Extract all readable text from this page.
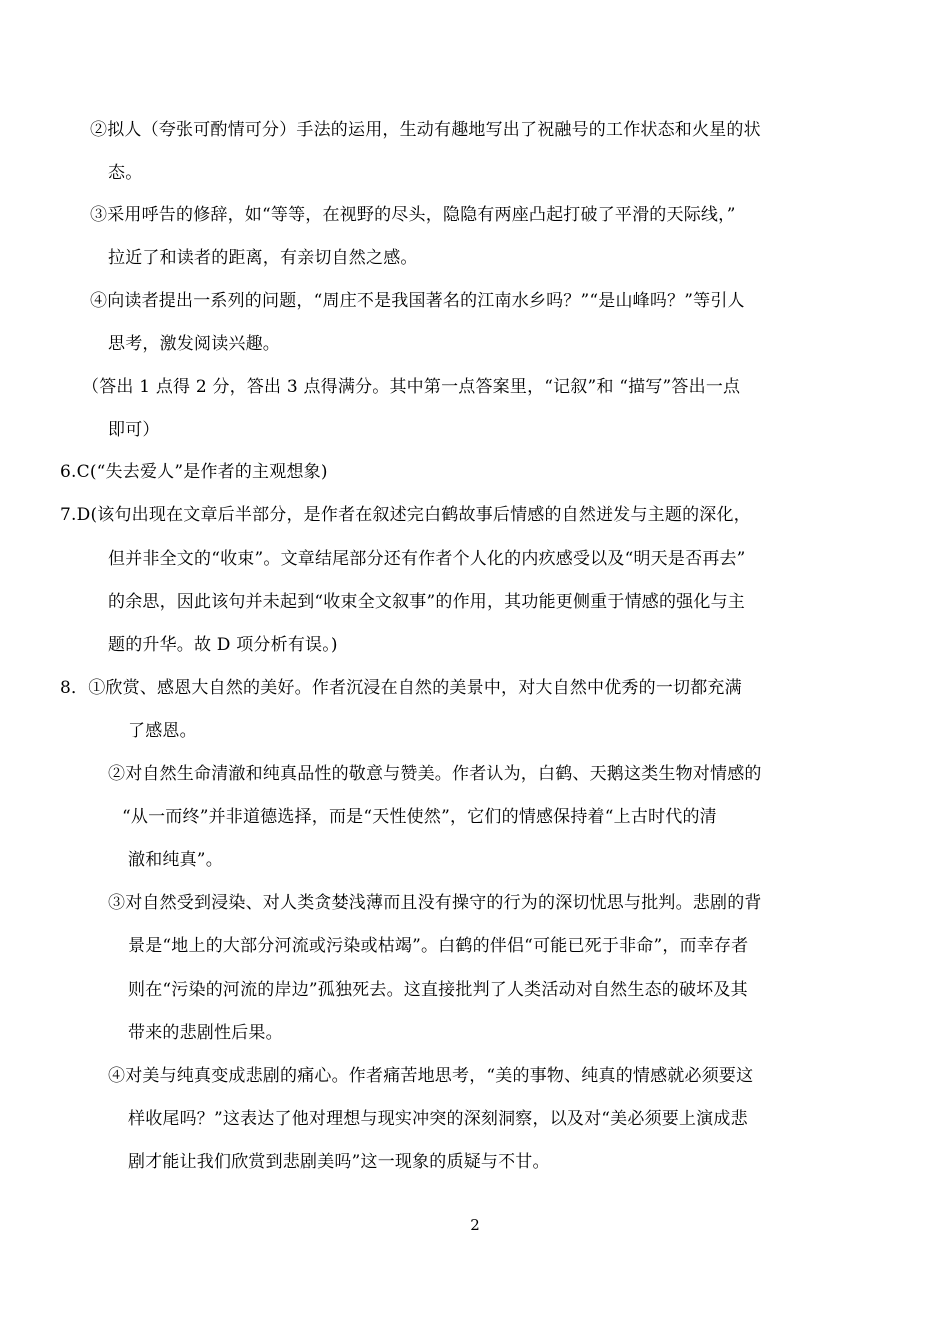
②拟人（夸张可酌情可分）手法的运用，生动有趣地写出了祝融号的工作状态和火星的状
态。
③采用呼告的修辞，如“等等，在视野的尽头，隐隐有两座凸起打破了平滑的天际线，”
拉近了和读者的距离，有亲切自然之感。
④向读者提出一系列的问题，“周庄不是我国著名的江南水乡吗？”“是山峰吗？”等引人
思考，激发阅读兴趣。
（答出 1 点得 2 分，答出 3 点得满分。其中第一点答案里，“记叙”和 “描写”答出一点
即可）
6.C(“失去爱人”是作者的主观想象)
7.D(该句出现在文章后半部分，是作者在叙述完白鹤故事后情感的自然迸发与主题的深化，
但并非全文的“收束”。文章结尾部分还有作者个人化的内疚感受以及“明天是否再去”
的余思，因此该句并未起到“收束全文叙事”的作用，其功能更侧重于情感的强化与主
题的升华。故 D 项分析有误。)
8．①欣赏、感恩大自然的美好。作者沉浸在自然的美景中，对大自然中优秀的一切都充满
了感恩。
②对自然生命清澈和纯真品性的敬意与赞美。作者认为，白鹤、天鹅这类生物对情感的
“从一而终”并非道德选择，而是“天性使然”，它们的情感保持着“上古时代的清
澈和纯真”。
③对自然受到浸染、对人类贪婪浅薄而且没有操守的行为的深切忧思与批判。悲剧的背
景是“地上的大部分河流或污染或枯竭”。白鹤的伴侣“可能已死于非命”，而幸存者
则在“污染的河流的岸边”孤独死去。这直接批判了人类活动对自然生态的破坏及其
带来的悲剧性后果。
④对美与纯真变成悲剧的痛心。作者痛苦地思考，“美的事物、纯真的情感就必须要这
样收尾吗？”这表达了他对理想与现实冲突的深刻洞察，以及对“美必须要上演成悲
剧才能让我们欣赏到悲剧美吗”这一现象的质疑与不甘。
2
